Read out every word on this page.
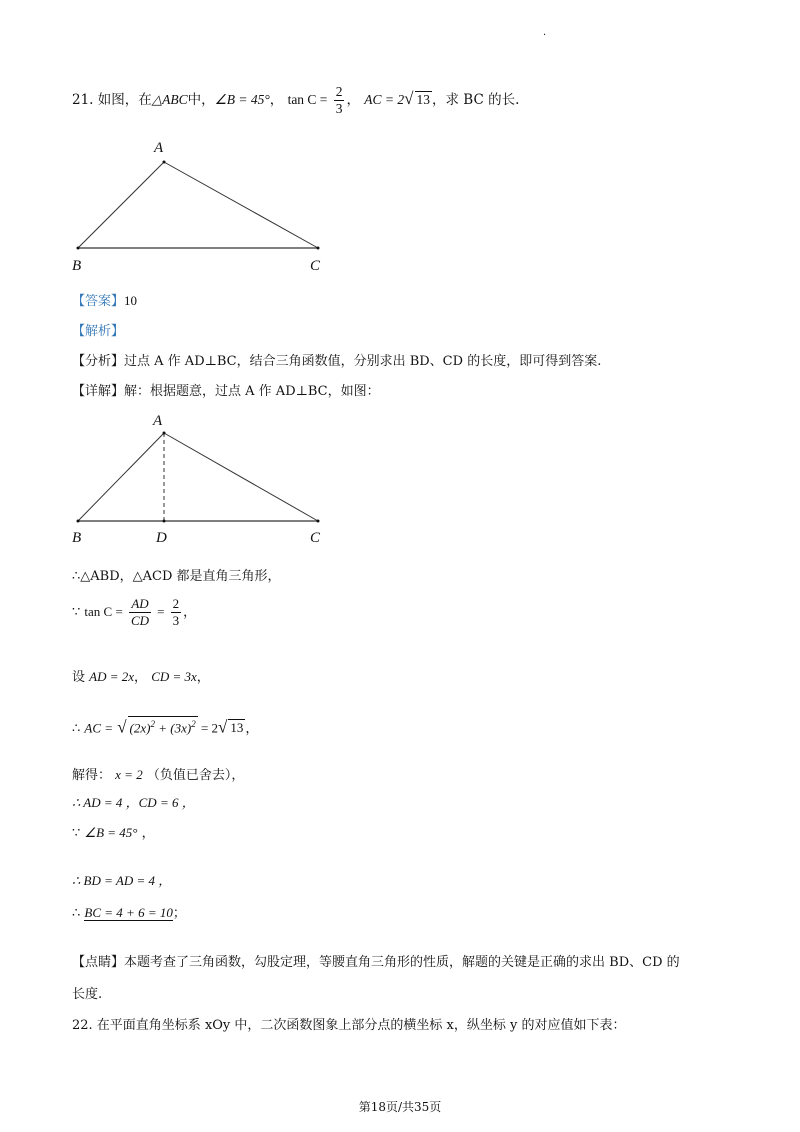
·
21. 如图，在△ABC中，∠B = 45°， $\tan C = \frac{2}{3}$ ， AC = 2√ 13 ，求 BC 的长.
A
B	C
【答案】10
【解析】
【分析】过点 A 作 AD⊥BC，结合三角函数值，分别求出 BD、CD 的长度，即可得到答案.
【详解】解：根据题意，过点 A 作 AD⊥BC，如图：
A
B	D	C
∴△ABD，△ACD 都是直角三角形，
∵ $\tan C = \frac{AD}{CD} = \frac{2}{3}$ ，
设 AD = 2x， CD = 3x，
∴ AC = √ $(2x)^2 + (3x)^2 = 2√$ 13 ，
解得： x = 2 （负值已舍去），
∴ AD = 4 ，CD = 6 ，
∵ ∠B = 45° ，
∴ BD = AD = 4 ，
∴ BC = 4 + 6 = 10；
【点睛】本题考查了三角函数，勾股定理，等腰直角三角形的性质，解题的关键是正确的求出 BD、CD 的
长度.
22. 在平面直角坐标系 xOy 中，二次函数图象上部分点的横坐标 x，纵坐标 y 的对应值如下表：
第18页/共35页
